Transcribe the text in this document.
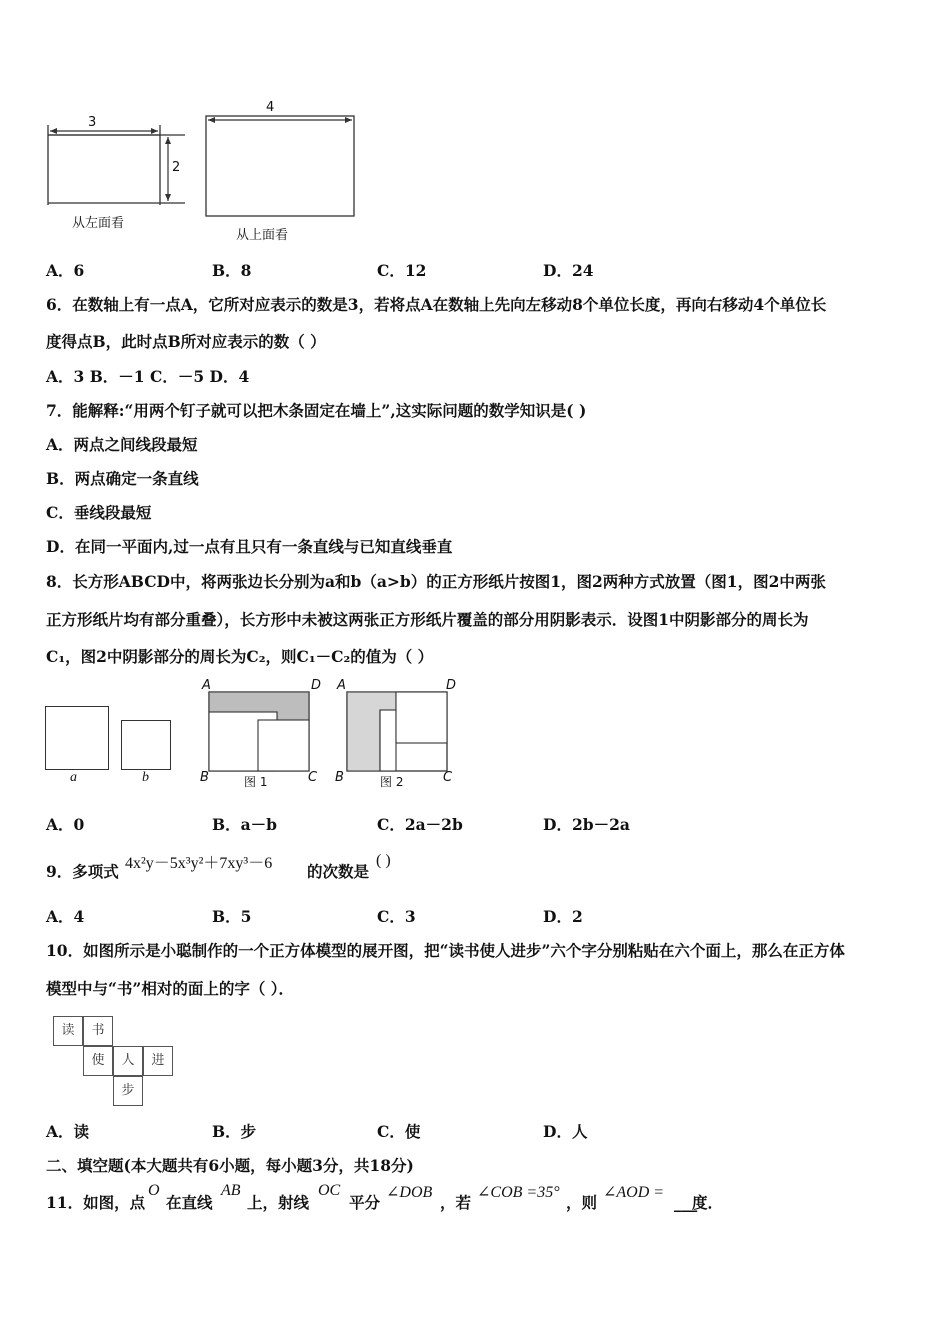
3
2
从左面看
4
从上面看
A．6	B．8	C．12	D．24
6．在数轴上有一点A，它所对应表示的数是3，若将点A在数轴上先向左移动8个单位长度，再向右移动4个单位长
度得点B，此时点B所对应表示的数（ ）
A．3 B．－1 C．－5 D．4
7．能解释:“用两个钉子就可以把木条固定在墙上”,这实际问题的数学知识是( )
A．两点之间线段最短
B．两点确定一条直线
C．垂线段最短
D．在同一平面内,过一点有且只有一条直线与已知直线垂直
8．长方形ABCD中，将两张边长分别为a和b（a>b）的正方形纸片按图1，图2两种方式放置（图1，图2中两张
正方形纸片均有部分重叠），长方形中未被这两张正方形纸片覆盖的部分用阴影表示．设图1中阴影部分的周长为
C₁，图2中阴影部分的周长为C₂，则C₁－C₂的值为（ ）
a	b
A	D
B	C
图 1
A	D
B	C
图 2
A．0	B．a－b	C．2a－2b	D．2b－2a
9．多项式 4x²y－5x³y²＋7xy³－6 的次数是
( )
A．4	B．5	C．3	D．2
10．如图所示是小聪制作的一个正方体模型的展开图，把“读书使人进步”六个字分别粘贴在六个面上，那么在正方体
模型中与“书”相对的面上的字（ ）．
读	书
使	人	进
步
A．读	B．步	C．使	D．人
二、填空题(本大题共有6小题，每小题3分，共18分)
11．如图，点
O
在直线
AB
上，射线
OC
平分
∠DOB
，若
∠COB =35°
，则
∠AOD =
___
度．
